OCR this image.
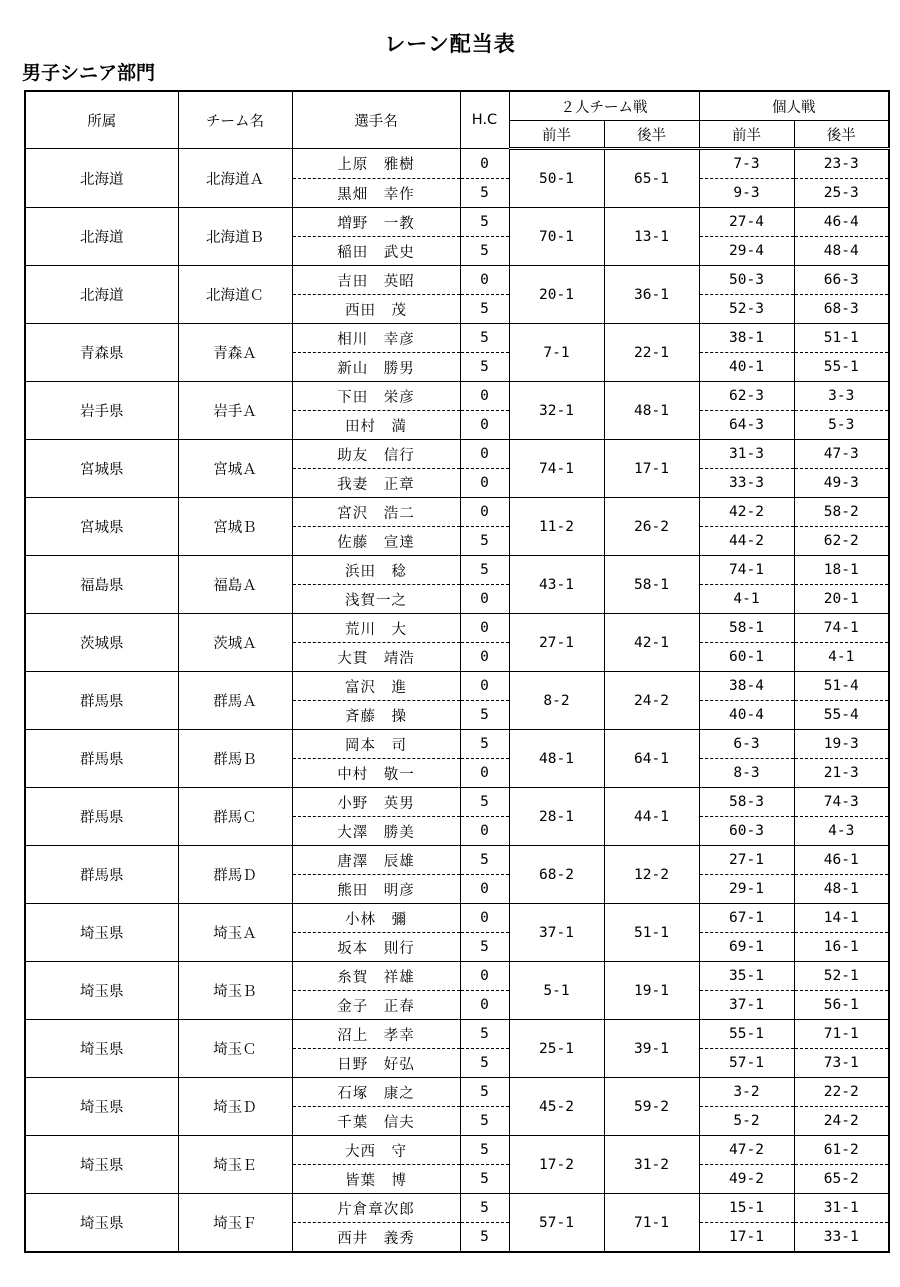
レーン配当表
男子シニア部門
所属	チーム名	選手名	H.C	２人チーム戦		個人戦	
				前半	後半	前半	後半
北海道	北海道Ａ	上原　雅樹	0	50-1	65-1	7-3	23-3
		黒畑　幸作	5			9-3	25-3
北海道	北海道Ｂ	増野　一教	5	70-1	13-1	27-4	46-4
		稲田　武史	5			29-4	48-4
北海道	北海道Ｃ	吉田　英昭	0	20-1	36-1	50-3	66-3
		西田　茂	5			52-3	68-3
青森県	青森Ａ	相川　幸彦	5	7-1	22-1	38-1	51-1
		新山　勝男	5			40-1	55-1
岩手県	岩手Ａ	下田　栄彦	0	32-1	48-1	62-3	3-3
		田村　満	0			64-3	5-3
宮城県	宮城Ａ	助友　信行	0	74-1	17-1	31-3	47-3
		我妻　正章	0			33-3	49-3
宮城県	宮城Ｂ	宮沢　浩二	0	11-2	26-2	42-2	58-2
		佐藤　宣達	5			44-2	62-2
福島県	福島Ａ	浜田　稔	5	43-1	58-1	74-1	18-1
		浅賀一之	0			4-1	20-1
茨城県	茨城Ａ	荒川　大	0	27-1	42-1	58-1	74-1
		大貫　靖浩	0			60-1	4-1
群馬県	群馬Ａ	富沢　進	0	8-2	24-2	38-4	51-4
		斉藤　操	5			40-4	55-4
群馬県	群馬Ｂ	岡本　司	5	48-1	64-1	6-3	19-3
		中村　敬一	0			8-3	21-3
群馬県	群馬Ｃ	小野　英男	5	28-1	44-1	58-3	74-3
		大澤　勝美	0			60-3	4-3
群馬県	群馬Ｄ	唐澤　辰雄	5	68-2	12-2	27-1	46-1
		熊田　明彦	0			29-1	48-1
埼玉県	埼玉Ａ	小林　彌	0	37-1	51-1	67-1	14-1
		坂本　則行	5			69-1	16-1
埼玉県	埼玉Ｂ	糸賀　祥雄	0	5-1	19-1	35-1	52-1
		金子　正春	0			37-1	56-1
埼玉県	埼玉Ｃ	沼上　孝幸	5	25-1	39-1	55-1	71-1
		日野　好弘	5			57-1	73-1
埼玉県	埼玉Ｄ	石塚　康之	5	45-2	59-2	3-2	22-2
		千葉　信夫	5			5-2	24-2
埼玉県	埼玉Ｅ	大西　守	5	17-2	31-2	47-2	61-2
		皆葉　博	5			49-2	65-2
埼玉県	埼玉Ｆ	片倉章次郎	5	57-1	71-1	15-1	31-1
		西井　義秀	5			17-1	33-1
